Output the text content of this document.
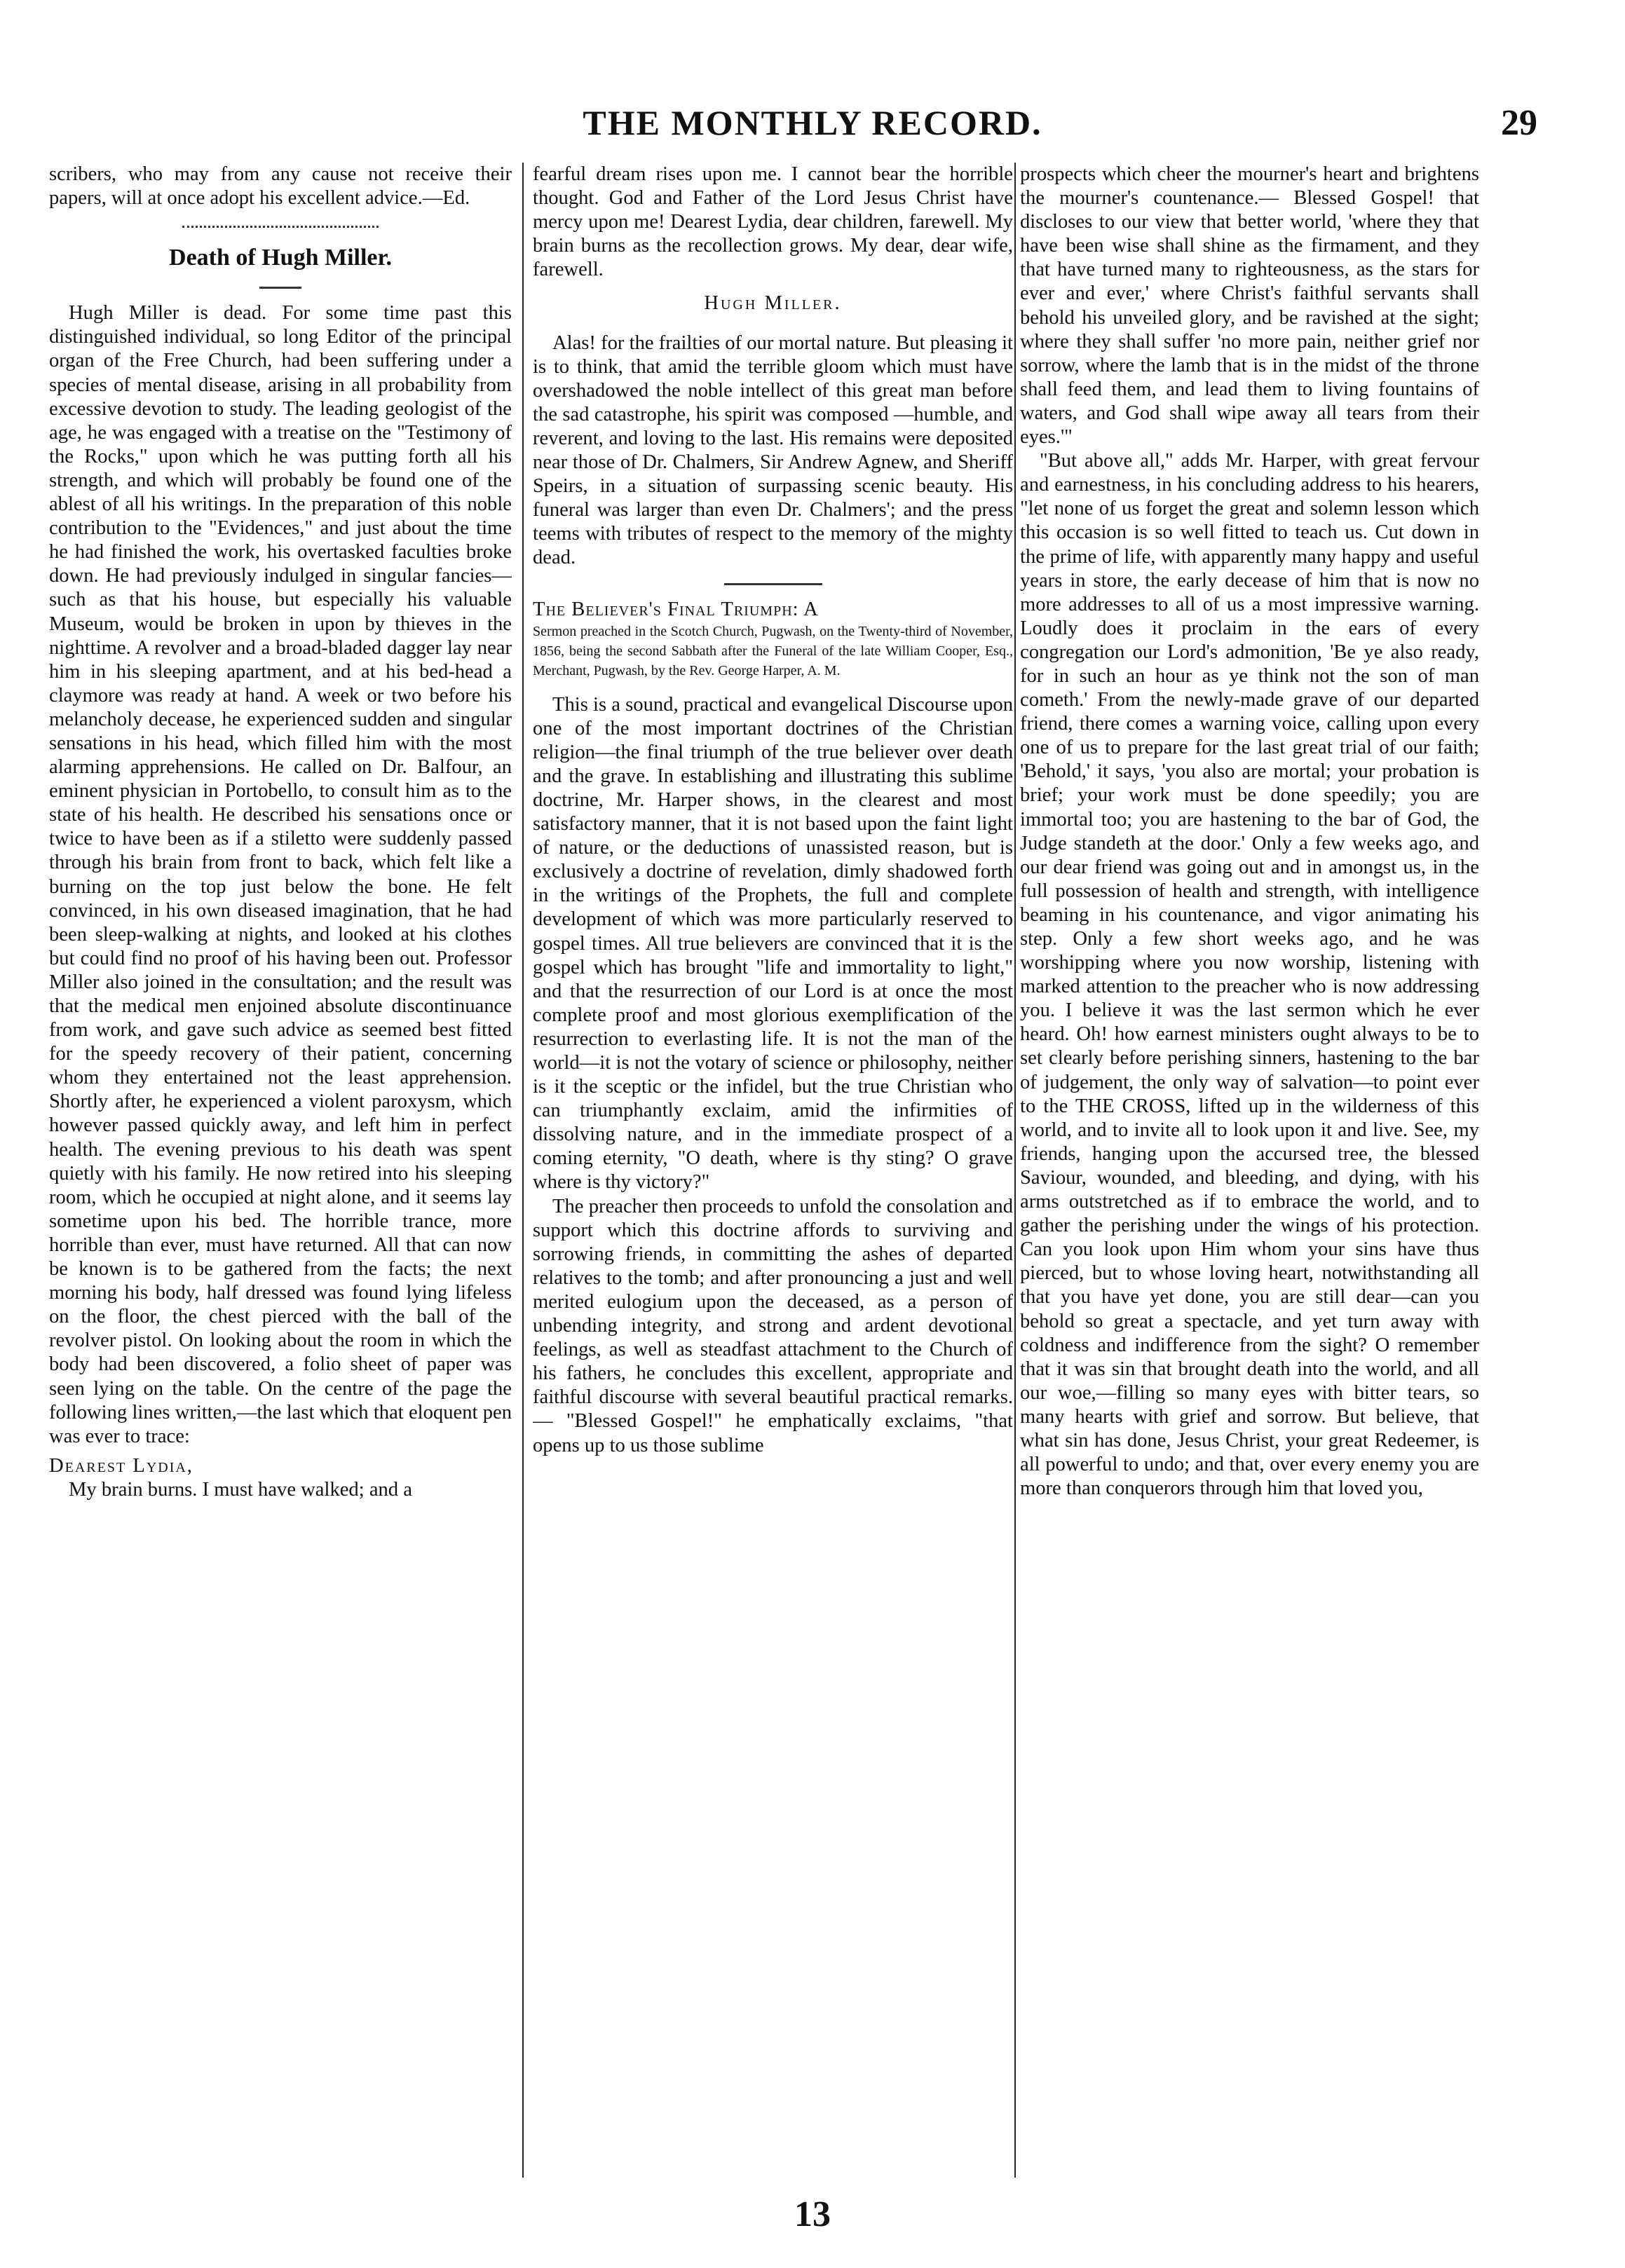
THE MONTHLY RECORD.	29

scribers, who may from any cause not receive their papers, will at once adopt his excellent advice.—Ed.

Death of Hugh Miller.

Hugh Miller is dead. For some time past this distinguished individual, so long Editor of the principal organ of the Free Church, had been suffering under a species of mental disease, arising in all probability from excessive devotion to study. The leading geologist of the age, he was engaged with a treatise on the "Testimony of the Rocks," upon which he was putting forth all his strength, and which will probably be found one of the ablest of all his writings. In the preparation of this noble contribution to the "Evidences," and just about the time he had finished the work, his overtasked faculties broke down. He had previously indulged in singular fancies—such as that his house, but especially his valuable Museum, would be broken in upon by thieves in the nighttime. A revolver and a broad-bladed dagger lay near him in his sleeping apartment, and at his bed-head a claymore was ready at hand. A week or two before his melancholy decease, he experienced sudden and singular sensations in his head, which filled him with the most alarming apprehensions. He called on Dr. Balfour, an eminent physician in Portobello, to consult him as to the state of his health. He described his sensations once or twice to have been as if a stiletto were suddenly passed through his brain from front to back, which felt like a burning on the top just below the bone. He felt convinced, in his own diseased imagination, that he had been sleep-walking at nights, and looked at his clothes but could find no proof of his having been out. Professor Miller also joined in the consultation; and the result was that the medical men enjoined absolute discontinuance from work, and gave such advice as seemed best fitted for the speedy recovery of their patient, concerning whom they entertained not the least apprehension. Shortly after, he experienced a violent paroxysm, which however passed quickly away, and left him in perfect health. The evening previous to his death was spent quietly with his family. He now retired into his sleeping room, which he occupied at night alone, and it seems lay sometime upon his bed. The horrible trance, more horrible than ever, must have returned. All that can now be known is to be gathered from the facts; the next morning his body, half dressed was found lying lifeless on the floor, the chest pierced with the ball of the revolver pistol. On looking about the room in which the body had been discovered, a folio sheet of paper was seen lying on the table. On the centre of the page the following lines written,—the last which that eloquent pen was ever to trace:

Dearest Lydia,

My brain burns. I must have walked; and a

fearful dream rises upon me. I cannot bear the horrible thought. God and Father of the Lord Jesus Christ have mercy upon me! Dearest Lydia, dear children, farewell. My brain burns as the recollection grows. My dear, dear wife, farewell.

Hugh Miller.

Alas! for the frailties of our mortal nature. But pleasing it is to think, that amid the terrible gloom which must have overshadowed the noble intellect of this great man before the sad catastrophe, his spirit was composed —humble, and reverent, and loving to the last. His remains were deposited near those of Dr. Chalmers, Sir Andrew Agnew, and Sheriff Speirs, in a situation of surpassing scenic beauty. His funeral was larger than even Dr. Chalmers'; and the press teems with tributes of respect to the memory of the mighty dead.

The Believer's Final Triumph: A

Sermon preached in the Scotch Church, Pugwash, on the Twenty-third of November, 1856, being the second Sabbath after the Funeral of the late William Cooper, Esq., Merchant, Pugwash, by the Rev. George Harper, A. M.

This is a sound, practical and evangelical Discourse upon one of the most important doctrines of the Christian religion—the final triumph of the true believer over death and the grave. In establishing and illustrating this sublime doctrine, Mr. Harper shows, in the clearest and most satisfactory manner, that it is not based upon the faint light of nature, or the deductions of unassisted reason, but is exclusively a doctrine of revelation, dimly shadowed forth in the writings of the Prophets, the full and complete development of which was more particularly reserved to gospel times. All true believers are convinced that it is the gospel which has brought "life and immortality to light," and that the resurrection of our Lord is at once the most complete proof and most glorious exemplification of the resurrection to everlasting life. It is not the man of the world—it is not the votary of science or philosophy, neither is it the sceptic or the infidel, but the true Christian who can triumphantly exclaim, amid the infirmities of dissolving nature, and in the immediate prospect of a coming eternity, "O death, where is thy sting? O grave where is thy victory?"

The preacher then proceeds to unfold the consolation and support which this doctrine affords to surviving and sorrowing friends, in committing the ashes of departed relatives to the tomb; and after pronouncing a just and well merited eulogium upon the deceased, as a person of unbending integrity, and strong and ardent devotional feelings, as well as steadfast attachment to the Church of his fathers, he concludes this excellent, appropriate and faithful discourse with several beautiful practical remarks.— "Blessed Gospel!" he emphatically exclaims, "that opens up to us those sublime

prospects which cheer the mourner's heart and brightens the mourner's countenance.— Blessed Gospel! that discloses to our view that better world, 'where they that have been wise shall shine as the firmament, and they that have turned many to righteousness, as the stars for ever and ever,' where Christ's faithful servants shall behold his unveiled glory, and be ravished at the sight; where they shall suffer 'no more pain, neither grief nor sorrow, where the lamb that is in the midst of the throne shall feed them, and lead them to living fountains of waters, and God shall wipe away all tears from their eyes.'"

"But above all," adds Mr. Harper, with great fervour and earnestness, in his concluding address to his hearers, "let none of us forget the great and solemn lesson which this occasion is so well fitted to teach us. Cut down in the prime of life, with apparently many happy and useful years in store, the early decease of him that is now no more addresses to all of us a most impressive warning. Loudly does it proclaim in the ears of every congregation our Lord's admonition, 'Be ye also ready, for in such an hour as ye think not the son of man cometh.' From the newly-made grave of our departed friend, there comes a warning voice, calling upon every one of us to prepare for the last great trial of our faith; 'Behold,' it says, 'you also are mortal; your probation is brief; your work must be done speedily; you are immortal too; you are hastening to the bar of God, the Judge standeth at the door.' Only a few weeks ago, and our dear friend was going out and in amongst us, in the full possession of health and strength, with intelligence beaming in his countenance, and vigor animating his step. Only a few short weeks ago, and he was worshipping where you now worship, listening with marked attention to the preacher who is now addressing you. I believe it was the last sermon which he ever heard. Oh! how earnest ministers ought always to be to set clearly before perishing sinners, hastening to the bar of judgement, the only way of salvation—to point ever to the THE CROSS, lifted up in the wilderness of this world, and to invite all to look upon it and live. See, my friends, hanging upon the accursed tree, the blessed Saviour, wounded, and bleeding, and dying, with his arms outstretched as if to embrace the world, and to gather the perishing under the wings of his protection. Can you look upon Him whom your sins have thus pierced, but to whose loving heart, notwithstanding all that you have yet done, you are still dear—can you behold so great a spectacle, and yet turn away with coldness and indifference from the sight? O remember that it was sin that brought death into the world, and all our woe,—filling so many eyes with bitter tears, so many hearts with grief and sorrow. But believe, that what sin has done, Jesus Christ, your great Redeemer, is all powerful to undo; and that, over every enemy you are more than conquerors through him that loved you,

13
